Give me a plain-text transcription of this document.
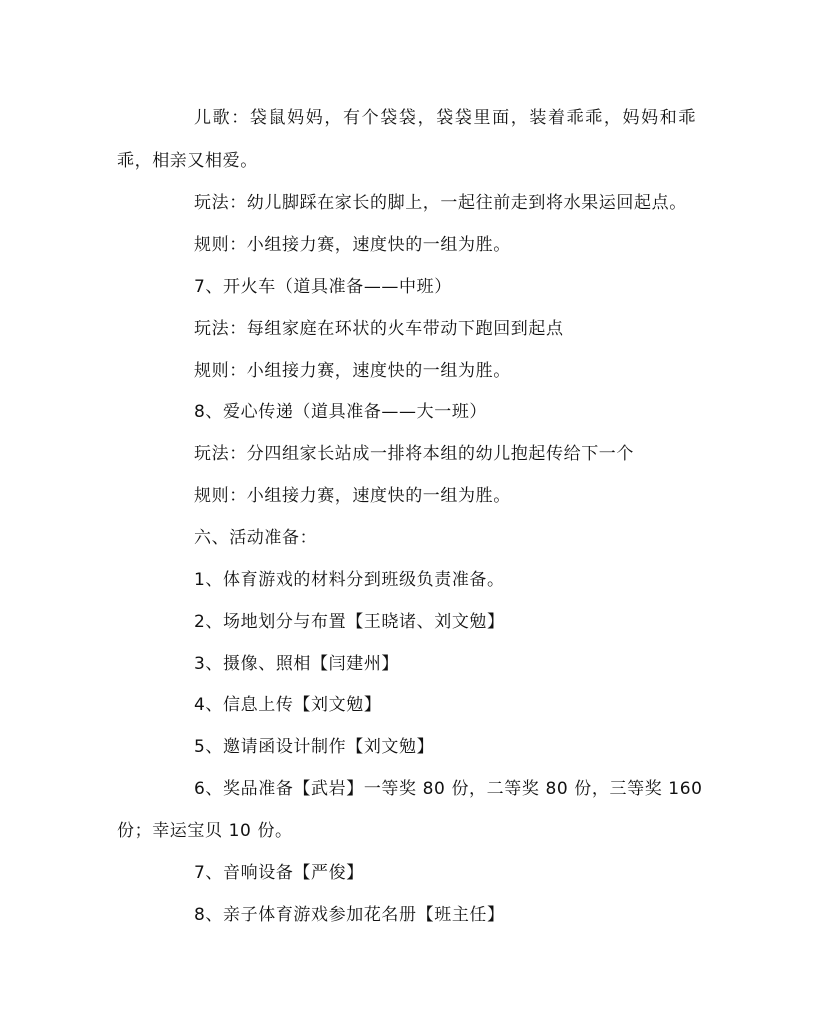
儿歌：袋鼠妈妈，有个袋袋，袋袋里面，装着乖乖，妈妈和乖
乖，相亲又相爱。
玩法：幼儿脚踩在家长的脚上，一起往前走到将水果运回起点。
规则：小组接力赛，速度快的一组为胜。
7、开火车（道具准备——中班）
玩法：每组家庭在环状的火车带动下跑回到起点
规则：小组接力赛，速度快的一组为胜。
8、爱心传递（道具准备——大一班）
玩法：分四组家长站成一排将本组的幼儿抱起传给下一个
规则：小组接力赛，速度快的一组为胜。
六、活动准备：
1、体育游戏的材料分到班级负责准备。
2、场地划分与布置【王晓诸、刘文勉】
3、摄像、照相【闫建州】
4、信息上传【刘文勉】
5、邀请函设计制作【刘文勉】
6、奖品准备【武岩】一等奖 80 份，二等奖 80 份，三等奖 160
份；幸运宝贝 10 份。
7、音响设备【严俊】
8、亲子体育游戏参加花名册【班主任】
